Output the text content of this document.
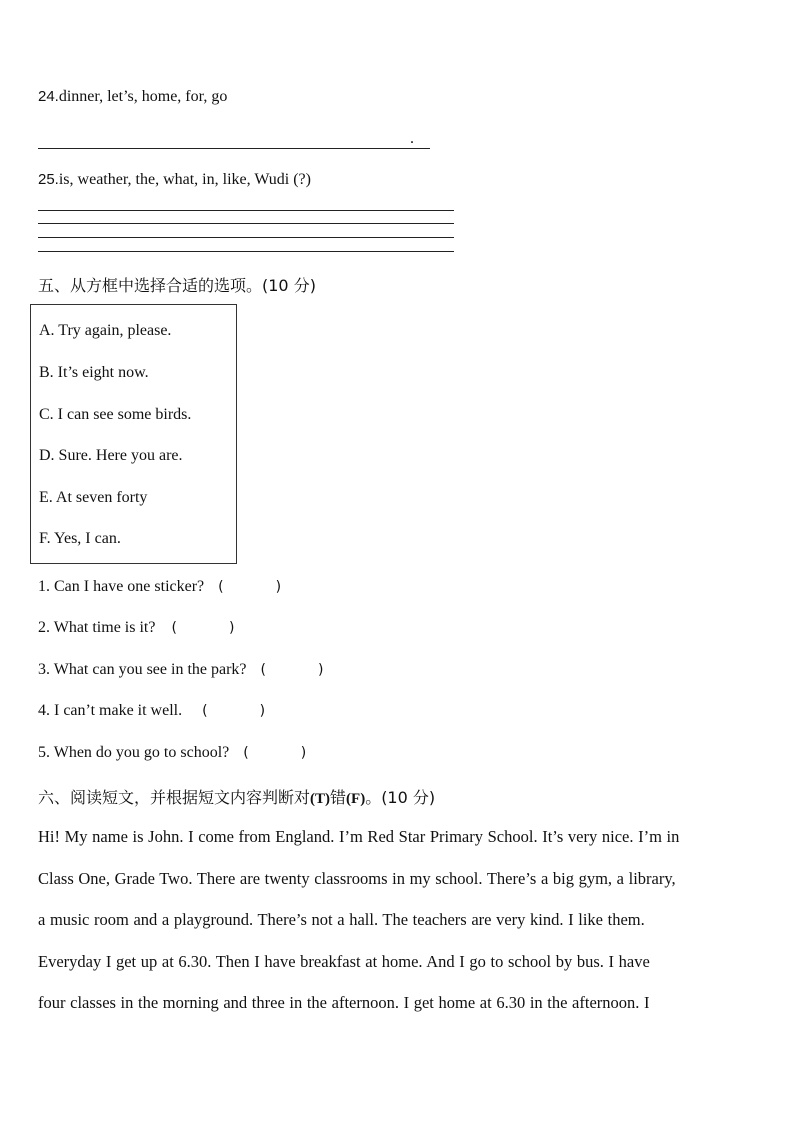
24.dinner, let’s, home, for, go
.
25.is, weather, the, what, in, like, Wudi (?)
五、从方框中选择合适的选项。(10 分)
A. Try again, please.
B. It’s eight now.
C. I can see some birds.
D. Sure. Here you are.
E. At seven forty
F. Yes, I can.
1. Can I have one sticker? (	)
2. What time is it? (	)
3. What can you see in the park? (	)
4. I can’t make it well. (	)
5. When do you go to school? (	)
六、阅读短文，并根据短文内容判断对(T)错(F)。(10 分)
Hi! My name is John. I come from England. I’m Red Star Primary School. It’s very nice. I’m in
Class One, Grade Two. There are twenty classrooms in my school. There’s a big gym, a library,
a music room and a playground. There’s not a hall. The teachers are very kind. I like them.
Everyday I get up at 6.30. Then I have breakfast at home. And I go to school by bus. I have
four classes in the morning and three in the afternoon. I get home at 6.30 in the afternoon. I
